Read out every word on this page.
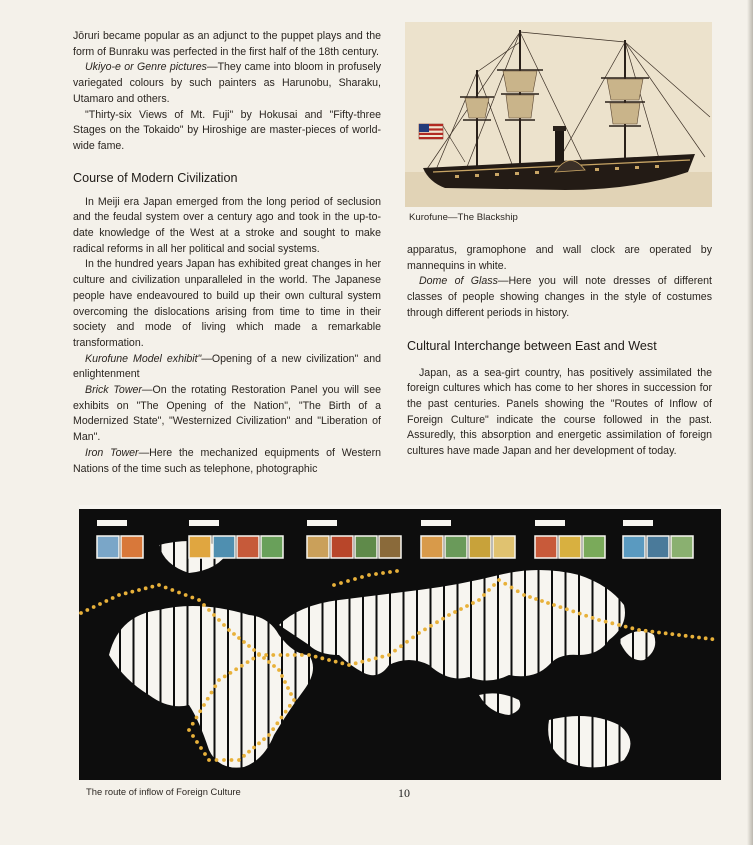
Jōruri became popular as an adjunct to the puppet plays and the form of Bunraku was perfected in the first half of the 18th century.

Ukiyo-e or Genre pictures—They came into bloom in profusely variegated colours by such painters as Harunobu, Sharaku, Utamaro and others.

"Thirty-six Views of Mt. Fuji" by Hokusai and "Fifty-three Stages on the Tokaido" by Hiroshige are master-pieces of world-wide fame.

Course of Modern Civilization

In Meiji era Japan emerged from the long period of seclusion and the feudal system over a century ago and took in the up-to-date knowledge of the West at a stroke and sought to make radical reforms in all her political and social systems.

In the hundred years Japan has exhibited great changes in her culture and civilization unparalleled in the world. The Japanese people have endeavoured to build up their own cultural system overcoming the dislocations arising from time to time in their society and mode of living which made a remarkable transformation.

Kurofune Model exhibit"—Opening of a new civilization" and enlightenment

Brick Tower—On the rotating Restoration Panel you will see exhibits on "The Opening of the Nation", "The Birth of a Modernized State", "Westernized Civilization" and "Liberation of Man".

Iron Tower—Here the mechanized equipments of Western Nations of the time such as telephone, photographic

Kurofune—The Blackship

apparatus, gramophone and wall clock are operated by mannequins in white.

Dome of Glass—Here you will note dresses of different classes of people showing changes in the style of costumes through different periods in history.

Cultural Interchange between East and West

Japan, as a sea-girt country, has positively assimilated the foreign cultures which has come to her shores in succession for the past centuries. Panels showing the "Routes of Inflow of Foreign Culture" indicate the course followed in the past. Assuredly, this absorption and energetic assimilation of foreign cultures have made Japan and her development of today.

The route of inflow of Foreign Culture	10
